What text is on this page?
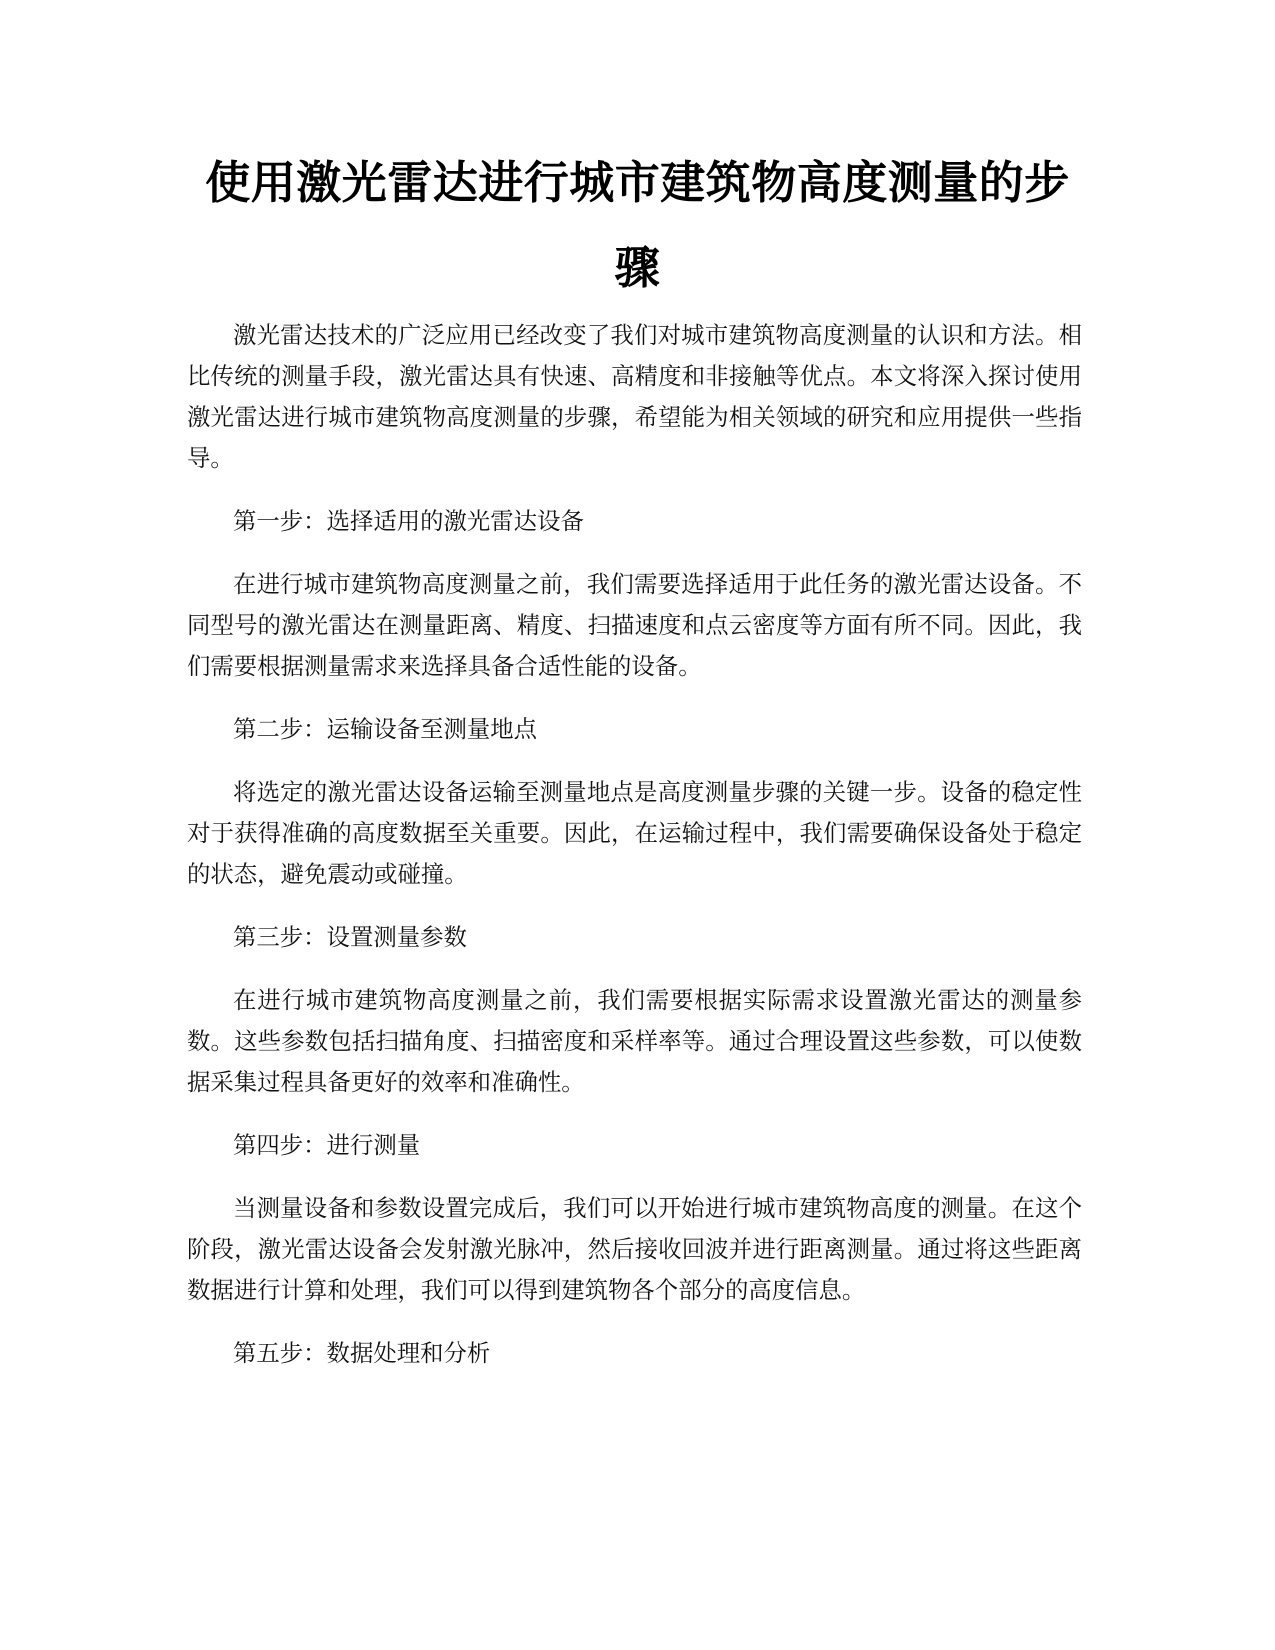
使用激光雷达进行城市建筑物高度测量的步骤

激光雷达技术的广泛应用已经改变了我们对城市建筑物高度测量的认识和方法。相比传统的测量手段，激光雷达具有快速、高精度和非接触等优点。本文将深入探讨使用激光雷达进行城市建筑物高度测量的步骤，希望能为相关领域的研究和应用提供一些指导。

第一步：选择适用的激光雷达设备

在进行城市建筑物高度测量之前，我们需要选择适用于此任务的激光雷达设备。不同型号的激光雷达在测量距离、精度、扫描速度和点云密度等方面有所不同。因此，我们需要根据测量需求来选择具备合适性能的设备。

第二步：运输设备至测量地点

将选定的激光雷达设备运输至测量地点是高度测量步骤的关键一步。设备的稳定性对于获得准确的高度数据至关重要。因此，在运输过程中，我们需要确保设备处于稳定的状态，避免震动或碰撞。

第三步：设置测量参数

在进行城市建筑物高度测量之前，我们需要根据实际需求设置激光雷达的测量参数。这些参数包括扫描角度、扫描密度和采样率等。通过合理设置这些参数，可以使数据采集过程具备更好的效率和准确性。

第四步：进行测量

当测量设备和参数设置完成后，我们可以开始进行城市建筑物高度的测量。在这个阶段，激光雷达设备会发射激光脉冲，然后接收回波并进行距离测量。通过将这些距离数据进行计算和处理，我们可以得到建筑物各个部分的高度信息。

第五步：数据处理和分析
